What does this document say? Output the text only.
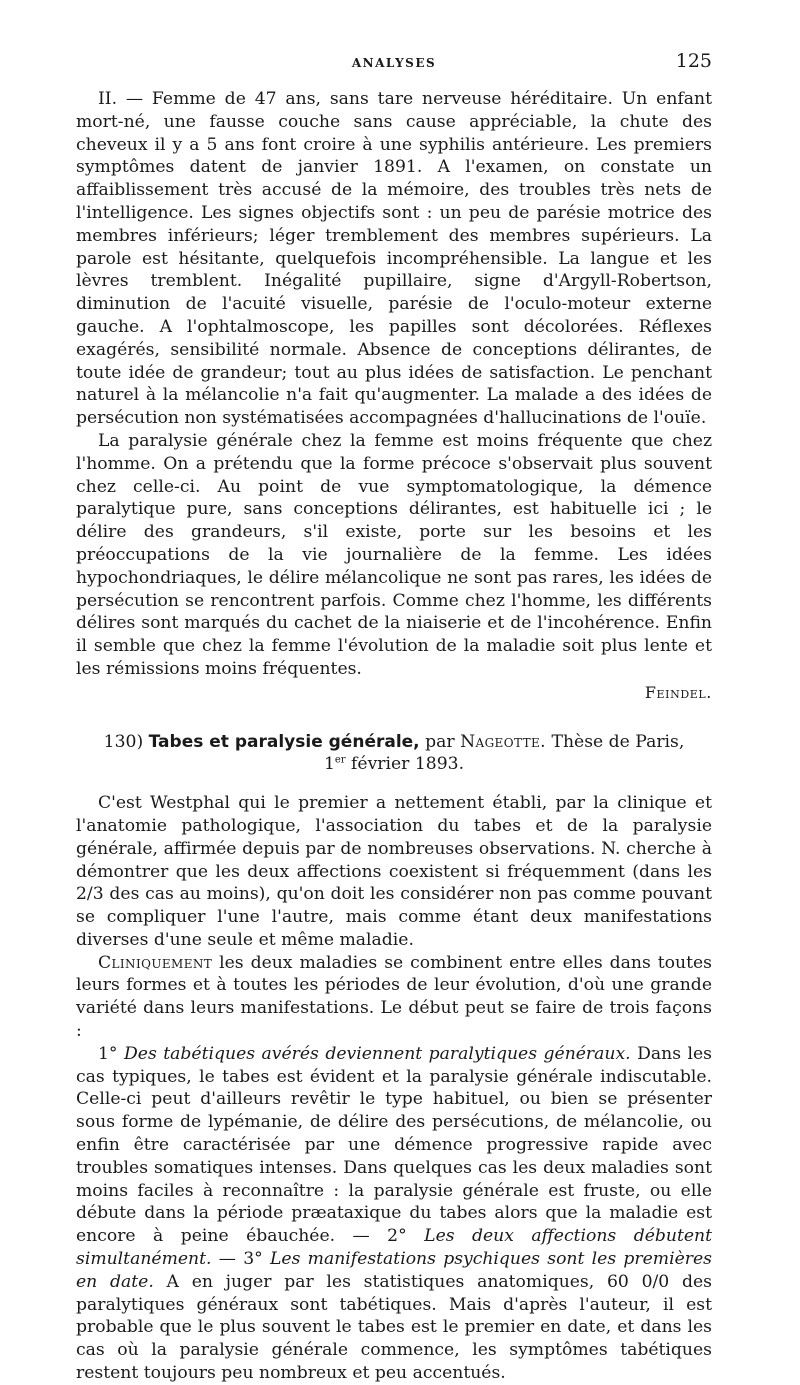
ANALYSES	125

II. — Femme de 47 ans, sans tare nerveuse héréditaire. Un enfant mort-né, une fausse couche sans cause appréciable, la chute des cheveux il y a 5 ans font croire à une syphilis antérieure. Les premiers symptômes datent de janvier 1891. A l'examen, on constate un affaiblissement très accusé de la mémoire, des troubles très nets de l'intelligence. Les signes objectifs sont : un peu de parésie motrice des membres inférieurs; léger tremblement des membres supérieurs. La parole est hésitante, quelquefois incompréhensible. La langue et les lèvres tremblent. Inégalité pupillaire, signe d'Argyll-Robertson, diminution de l'acuité visuelle, parésie de l'oculo-moteur externe gauche. A l'ophtalmoscope, les papilles sont décolorées. Réflexes exagérés, sensibilité normale. Absence de conceptions délirantes, de toute idée de grandeur; tout au plus idées de satisfaction. Le penchant naturel à la mélancolie n'a fait qu'augmenter. La malade a des idées de persécution non systématisées accompagnées d'hallucinations de l'ouïe.

La paralysie générale chez la femme est moins fréquente que chez l'homme. On a prétendu que la forme précoce s'observait plus souvent chez celle-ci. Au point de vue symptomatologique, la démence paralytique pure, sans conceptions délirantes, est habituelle ici ; le délire des grandeurs, s'il existe, porte sur les besoins et les préoccupations de la vie journalière de la femme. Les idées hypochondriaques, le délire mélancolique ne sont pas rares, les idées de persécution se rencontrent parfois. Comme chez l'homme, les différents délires sont marqués du cachet de la niaiserie et de l'incohérence. Enfin il semble que chez la femme l'évolution de la maladie soit plus lente et les rémissions moins fréquentes.

Feindel.

130) Tabes et paralysie générale, par Nageotte. Thèse de Paris,
1er février 1893.

C'est Westphal qui le premier a nettement établi, par la clinique et l'anatomie pathologique, l'association du tabes et de la paralysie générale, affirmée depuis par de nombreuses observations. N. cherche à démontrer que les deux affections coexistent si fréquemment (dans les 2/3 des cas au moins), qu'on doit les considérer non pas comme pouvant se compliquer l'une l'autre, mais comme étant deux manifestations diverses d'une seule et même maladie.

Cliniquement les deux maladies se combinent entre elles dans toutes leurs formes et à toutes les périodes de leur évolution, d'où une grande variété dans leurs manifestations. Le début peut se faire de trois façons :

1° Des tabétiques avérés deviennent paralytiques généraux. Dans les cas typiques, le tabes est évident et la paralysie générale indiscutable. Celle-ci peut d'ailleurs revêtir le type habituel, ou bien se présenter sous forme de lypémanie, de délire des persécutions, de mélancolie, ou enfin être caractérisée par une démence progressive rapide avec troubles somatiques intenses. Dans quelques cas les deux maladies sont moins faciles à reconnaître : la paralysie générale est fruste, ou elle débute dans la période præataxique du tabes alors que la maladie est encore à peine ébauchée. — 2° Les deux affections débutent simultanément. — 3° Les manifestations psychiques sont les premières en date. A en juger par les statistiques anatomiques, 60 0/0 des paralytiques généraux sont tabétiques. Mais d'après l'auteur, il est probable que le plus souvent le tabes est le premier en date, et dans les cas où la paralysie générale commence, les symptômes tabétiques restent toujours peu nombreux et peu accentués.
